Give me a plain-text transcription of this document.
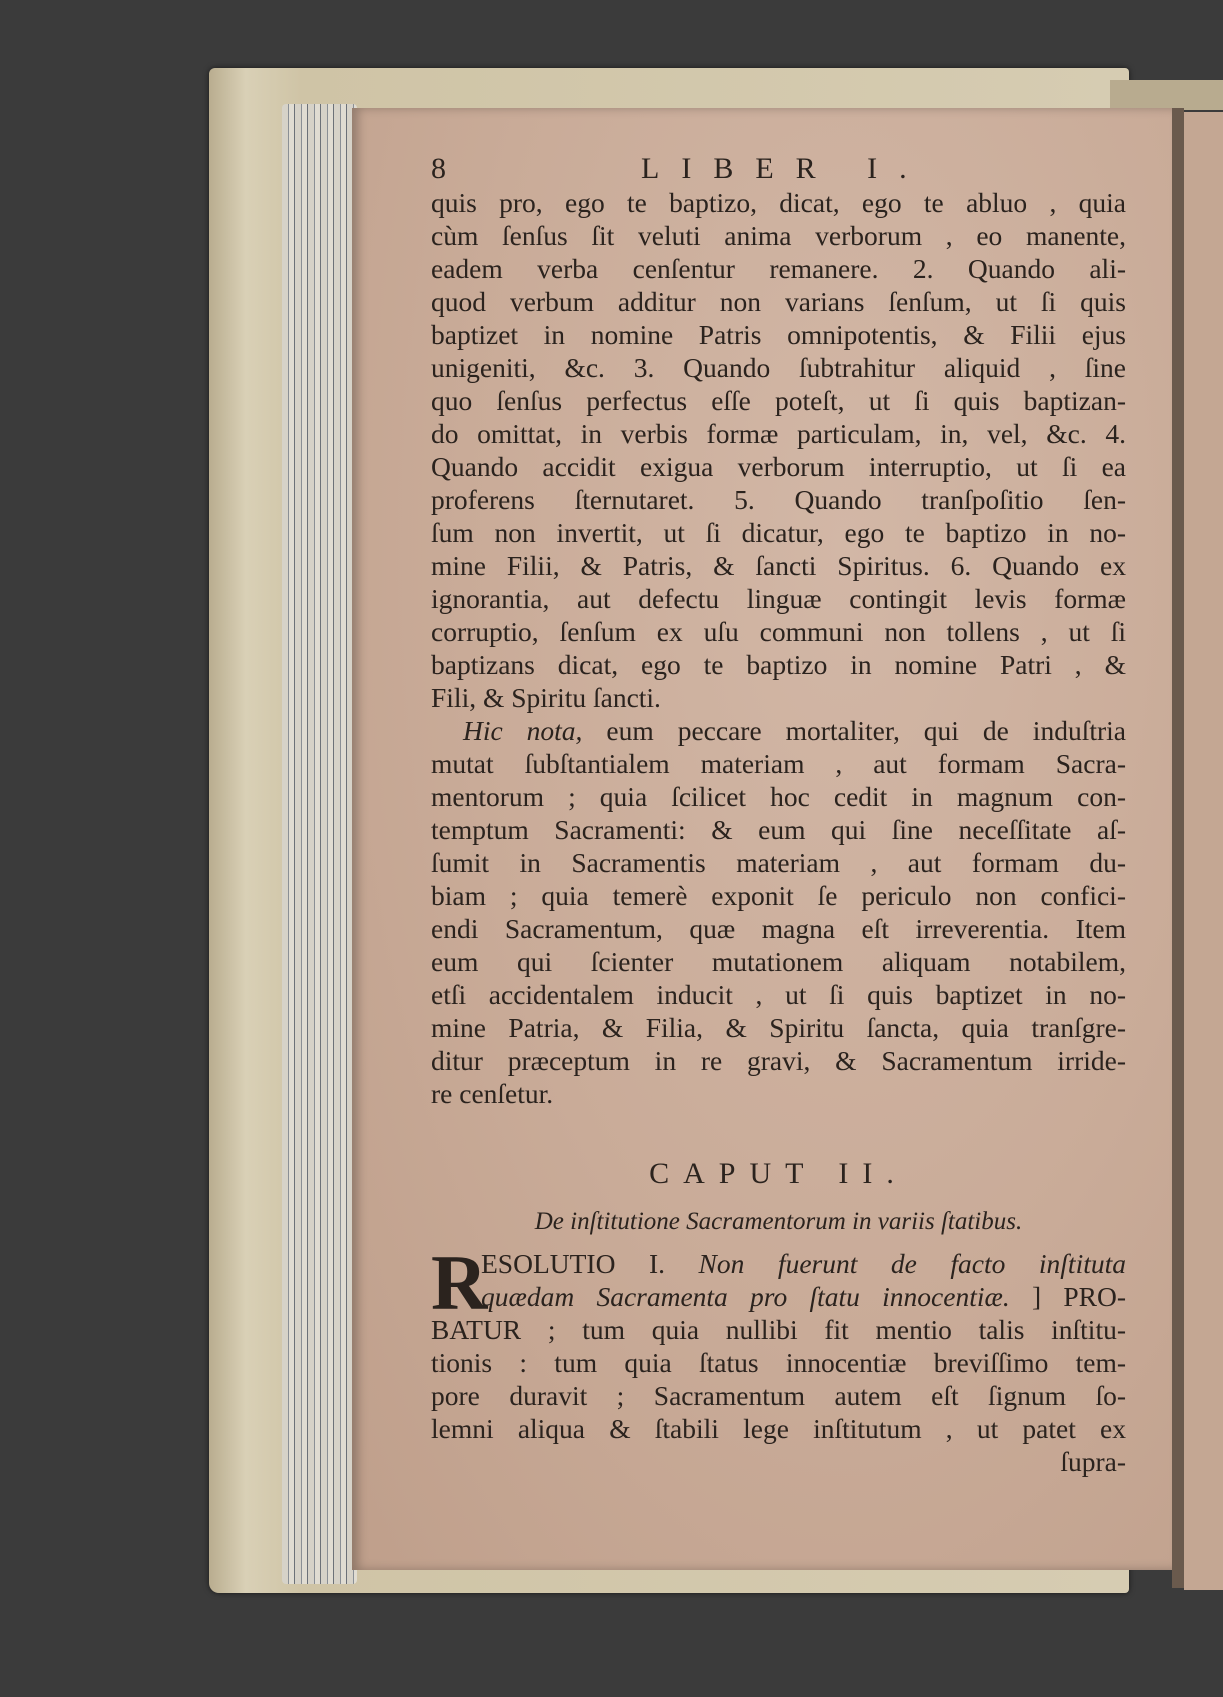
8	LIBER I.
quis pro, ego te baptizo, dicat, ego te abluo , quia
cùm ſenſus ſit veluti anima verborum , eo manente,
eadem verba cenſentur remanere. 2. Quando ali-
quod verbum additur non varians ſenſum, ut ſi quis
baptizet in nomine Patris omnipotentis, & Filii ejus
unigeniti, &c. 3. Quando ſubtrahitur aliquid , ſine
quo ſenſus perfectus eſſe poteſt, ut ſi quis baptizan-
do omittat, in verbis formæ particulam, in, vel, &c. 4.
Quando accidit exigua verborum interruptio, ut ſi ea
proferens ſternutaret. 5. Quando tranſpoſitio ſen-
ſum non invertit, ut ſi dicatur, ego te baptizo in no-
mine Filii, & Patris, & ſancti Spiritus. 6. Quando ex
ignorantia, aut defectu linguæ contingit levis formæ
corruptio, ſenſum ex uſu communi non tollens , ut ſi
baptizans dicat, ego te baptizo in nomine Patri , &
Fili, & Spiritu ſancti.
Hic nota, eum peccare mortaliter, qui de induſtria
mutat ſubſtantialem materiam , aut formam Sacra-
mentorum ; quia ſcilicet hoc cedit in magnum con-
temptum Sacramenti: & eum qui ſine neceſſitate aſ-
ſumit in Sacramentis materiam , aut formam du-
biam ; quia temerè exponit ſe periculo non confici-
endi Sacramentum, quæ magna eſt irreverentia. Item
eum qui ſcienter mutationem aliquam notabilem,
etſi accidentalem inducit , ut ſi quis baptizet in no-
mine Patria, & Filia, & Spiritu ſancta, quia tranſgre-
ditur præceptum in re gravi, & Sacramentum irride-
re cenſetur.
CAPUT II.
De inſtitutione Sacramentorum in variis ſtatibus.
R
ESOLUTIO I. Non fuerunt de facto inſtituta
quædam Sacramenta pro ſtatu innocentiæ. ] PRO-
BATUR ; tum quia nullibi fit mentio talis inſtitu-
tionis : tum quia ſtatus innocentiæ breviſſimo tem-
pore duravit ; Sacramentum autem eſt ſignum ſo-
lemni aliqua & ſtabili lege inſtitutum , ut patet ex
ſupra-
